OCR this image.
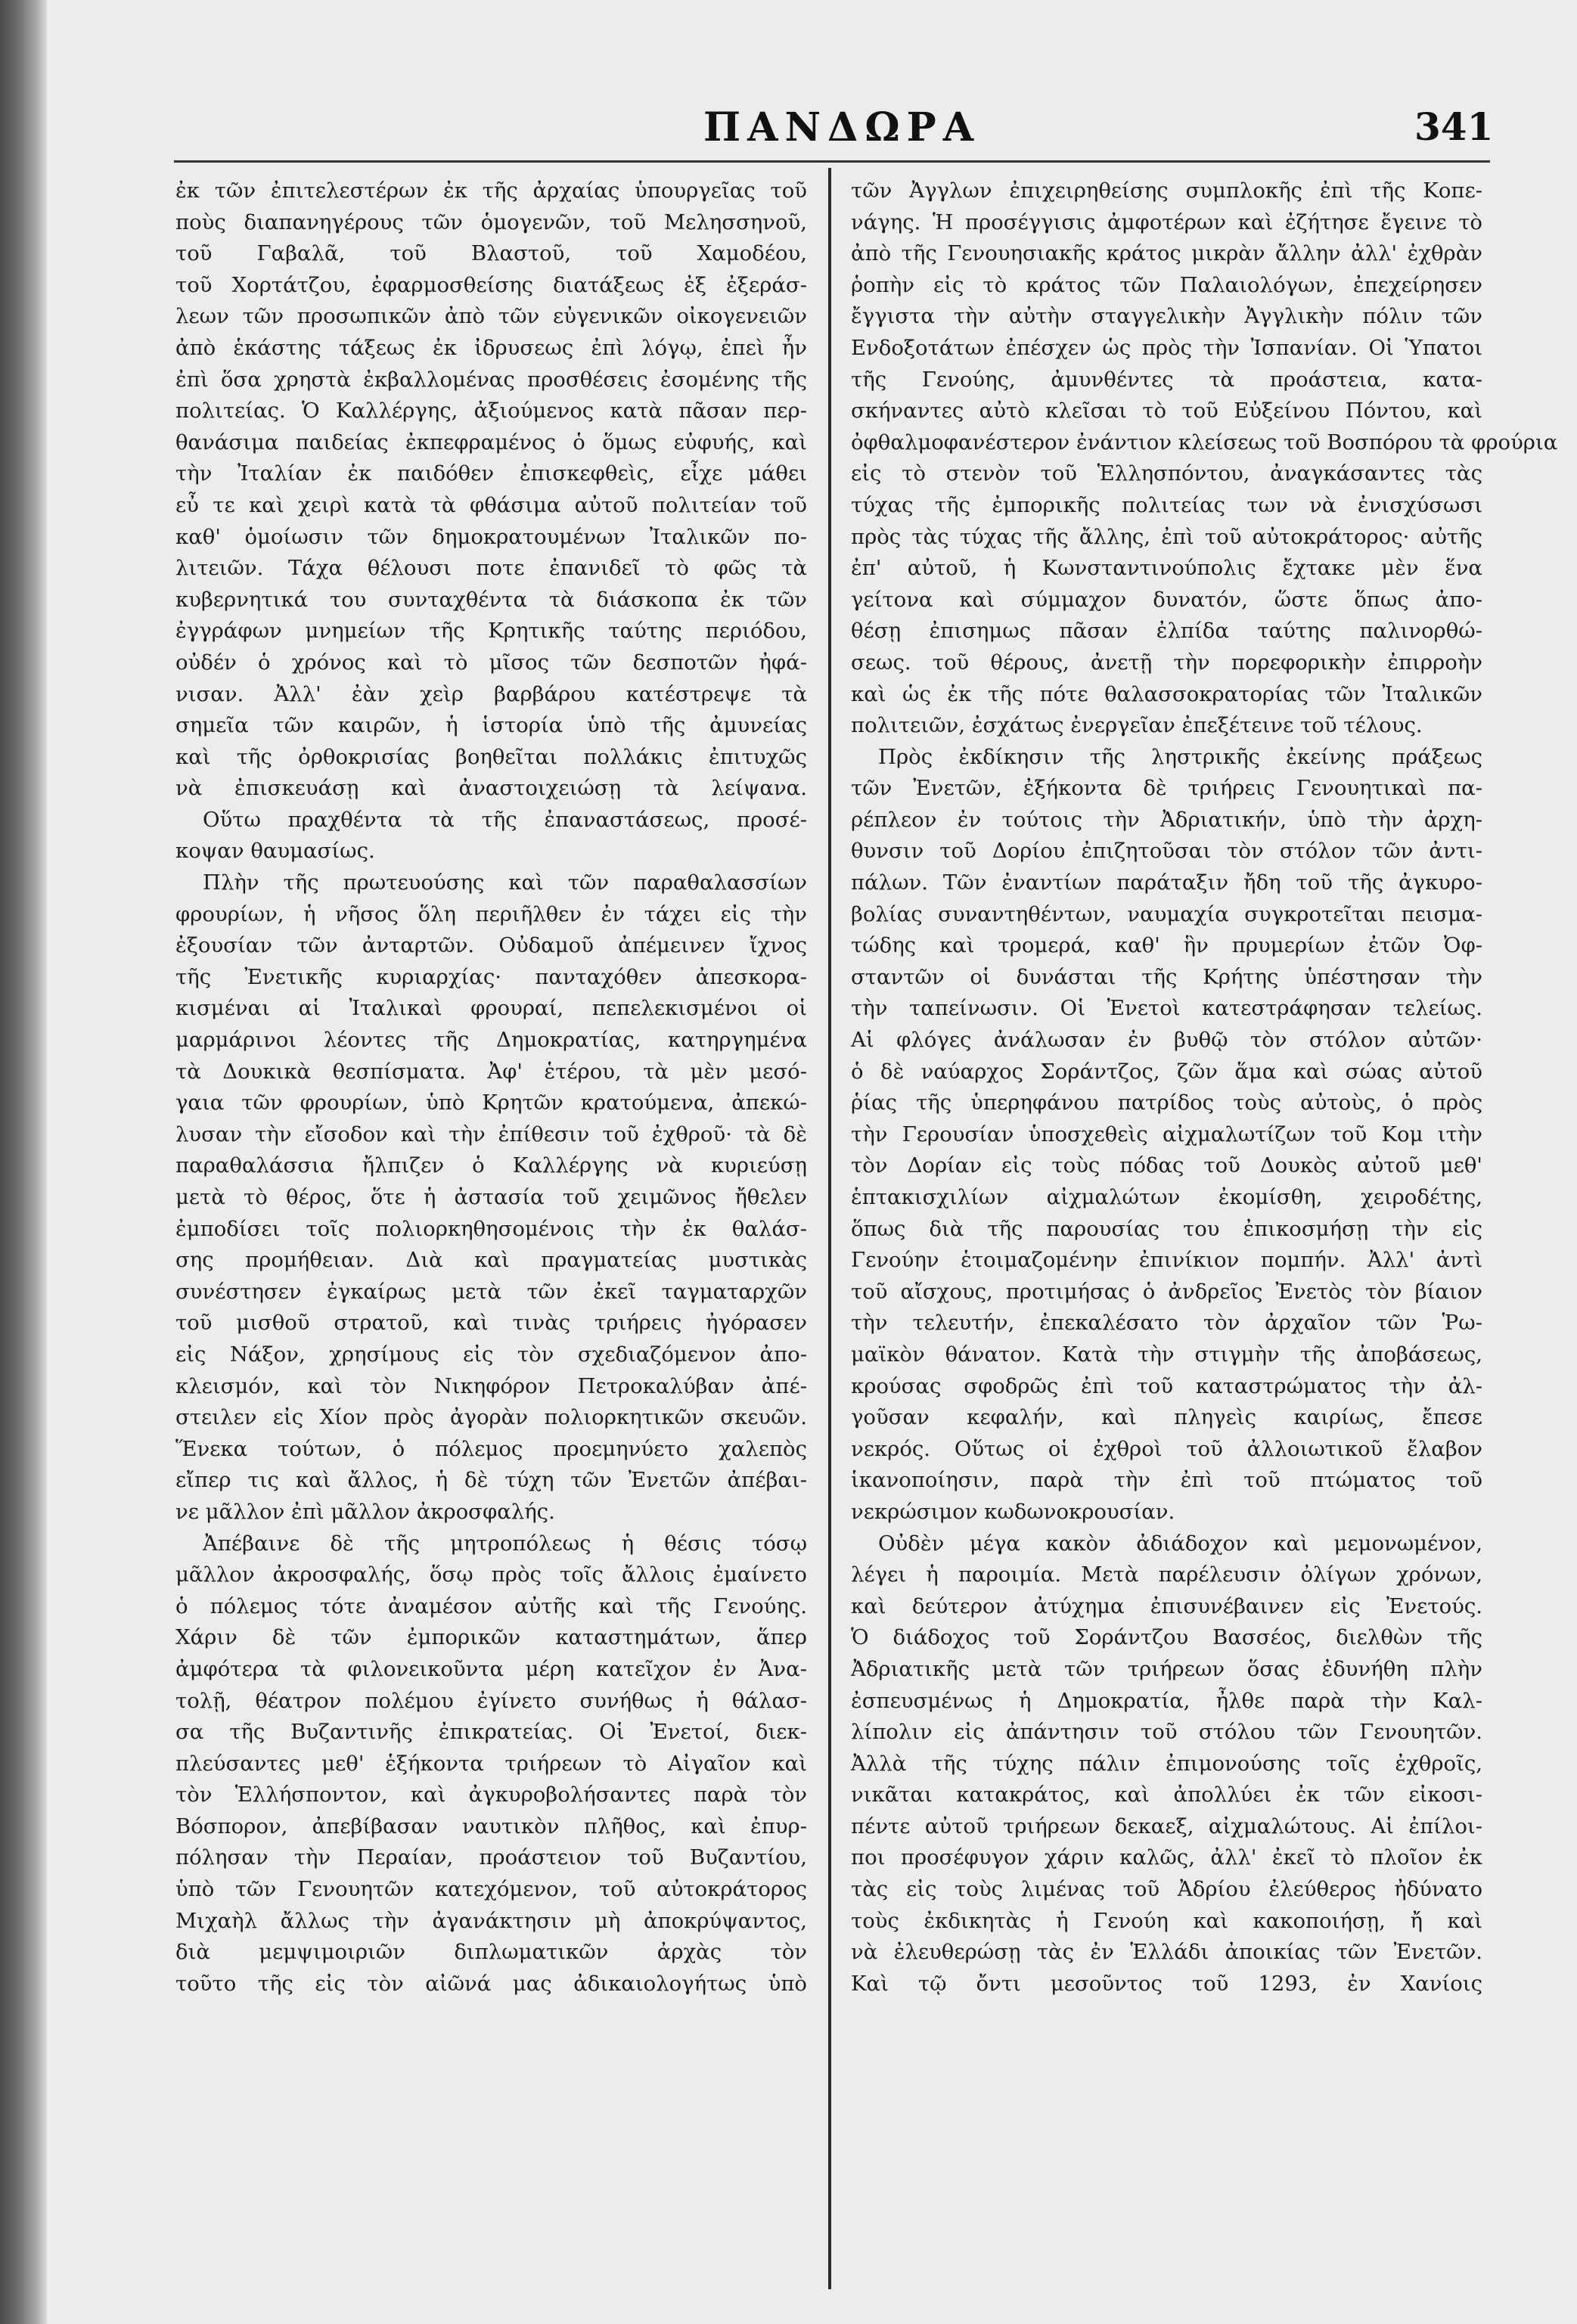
ΠΑΝΔΩΡΑ	341
ἐκ τῶν ἐπιτελεστέρων ἐκ τῆς ἀρχαίας ὑπουργεῖας τοῦ
ποὺς διαπανηγέρους τῶν ὁμογενῶν, τοῦ Μελησσηνοῦ,
τοῦ Γαβαλᾶ, τοῦ Βλαστοῦ, τοῦ Χαμοδέου,
τοῦ Χορτάτζου, ἐφαρμοσθείσης διατάξεως ἐξ ἐξεράσ-
λεων τῶν προσωπικῶν ἀπὸ τῶν εὐγενικῶν οἰκογενειῶν
ἀπὸ ἑκάστης τάξεως ἐκ ἰδρυσεως ἐπὶ λόγῳ, ἐπεὶ ἦν
ἐπὶ ὅσα χρηστὰ ἐκβαλλομένας προσθέσεις ἐσομένης τῆς
πολιτείας. Ὁ Καλλέργης, ἀξιούμενος κατὰ πᾶσαν περ-
θανάσιμα παιδείας ἐκπεφραμένος ὁ ὅμως εὐφυής, καὶ
τὴν Ἰταλίαν ἐκ παιδόθεν ἐπισκεφθεὶς, εἶχε μάθει
εὖ τε καὶ χειρὶ κατὰ τὰ φθάσιμα αὐτοῦ πολιτείαν τοῦ
καθ' ὁμοίωσιν τῶν δημοκρατουμένων Ἰταλικῶν πο-
λιτειῶν. Τάχα θέλουσι ποτε ἐπανιδεῖ τὸ φῶς τὰ
κυβερνητικά του συνταχθέντα τὰ διάσκοπα ἐκ τῶν
ἐγγράφων μνημείων τῆς Κρητικῆς ταύτης περιόδου,
οὐδέν ὁ χρόνος καὶ τὸ μῖσος τῶν δεσποτῶν ἠφά-
νισαν. Ἀλλ' ἐὰν χεὶρ βαρβάρου κατέστρεψε τὰ
σημεῖα τῶν καιρῶν, ἡ ἱστορία ὑπὸ τῆς ἀμυνείας
καὶ τῆς ὀρθοκρισίας βοηθεῖται πολλάκις ἐπιτυχῶς
νὰ ἐπισκευάσῃ καὶ ἀναστοιχειώσῃ τὰ λείψανα.
Οὕτω πραχθέντα τὰ τῆς ἐπαναστάσεως, προσέ-
κοψαν θαυμασίως.
Πλὴν τῆς πρωτευούσης καὶ τῶν παραθαλασσίων
φρουρίων, ἡ νῆσος ὅλη περιῆλθεν ἐν τάχει εἰς τὴν
ἐξουσίαν τῶν ἀνταρτῶν. Οὐδαμοῦ ἀπέμεινεν ἴχνος
τῆς Ἐνετικῆς κυριαρχίας· πανταχόθεν ἀπεσκορα-
κισμέναι αἱ Ἰταλικαὶ φρουραί, πεπελεκισμένοι οἱ
μαρμάρινοι λέοντες τῆς Δημοκρατίας, κατηργημένα
τὰ Δουκικὰ θεσπίσματα. Ἀφ' ἑτέρου, τὰ μὲν μεσό-
γαια τῶν φρουρίων, ὑπὸ Κρητῶν κρατούμενα, ἀπεκώ-
λυσαν τὴν εἴσοδον καὶ τὴν ἐπίθεσιν τοῦ ἐχθροῦ· τὰ δὲ
παραθαλάσσια ἤλπιζεν ὁ Καλλέργης νὰ κυριεύσῃ
μετὰ τὸ θέρος, ὅτε ἡ ἀστασία τοῦ χειμῶνος ἤθελεν
ἐμποδίσει τοῖς πολιορκηθησομένοις τὴν ἐκ θαλάσ-
σης προμήθειαν. Διὰ καὶ πραγματείας μυστικὰς
συνέστησεν ἐγκαίρως μετὰ τῶν ἐκεῖ ταγματαρχῶν
τοῦ μισθοῦ στρατοῦ, καὶ τινὰς τριήρεις ἠγόρασεν
εἰς Νάξον, χρησίμους εἰς τὸν σχεδιαζόμενον ἀπο-
κλεισμόν, καὶ τὸν Νικηφόρον Πετροκαλύβαν ἀπέ-
στειλεν εἰς Χίον πρὸς ἀγορὰν πολιορκητικῶν σκευῶν.
Ἕνεκα τούτων, ὁ πόλεμος προεμηνύετο χαλεπὸς
εἴπερ τις καὶ ἄλλος, ἡ δὲ τύχη τῶν Ἐνετῶν ἀπέβαι-
νε μᾶλλον ἐπὶ μᾶλλον ἀκροσφαλής.
Ἀπέβαινε δὲ τῆς μητροπόλεως ἡ θέσις τόσῳ
μᾶλλον ἀκροσφαλής, ὅσῳ πρὸς τοῖς ἄλλοις ἐμαίνετο
ὁ πόλεμος τότε ἀναμέσον αὐτῆς καὶ τῆς Γενούης.
Χάριν δὲ τῶν ἐμπορικῶν καταστημάτων, ἅπερ
ἀμφότερα τὰ φιλονεικοῦντα μέρη κατεῖχον ἐν Ἀνα-
τολῇ, θέατρον πολέμου ἐγίνετο συνήθως ἡ θάλασ-
σα τῆς Βυζαντινῆς ἐπικρατείας. Οἱ Ἐνετοί, διεκ-
πλεύσαντες μεθ' ἑξήκοντα τριήρεων τὸ Αἰγαῖον καὶ
τὸν Ἑλλήσποντον, καὶ ἀγκυροβολήσαντες παρὰ τὸν
Βόσπορον, ἀπεβίβασαν ναυτικὸν πλῆθος, καὶ ἐπυρ-
πόλησαν τὴν Περαίαν, προάστειον τοῦ Βυζαντίου,
ὑπὸ τῶν Γενουητῶν κατεχόμενον, τοῦ αὐτοκράτορος
Μιχαὴλ ἄλλως τὴν ἀγανάκτησιν μὴ ἀποκρύψαντος,
διὰ μεμψιμοιριῶν διπλωματικῶν ἀρχὰς τὸν
τοῦτο τῆς εἰς τὸν αἰῶνά μας ἀδικαιολογήτως ὑπὸ
τῶν Ἀγγλων ἐπιχειρηθείσης συμπλοκῆς ἐπὶ τῆς Κοπε-
νάγης. Ἡ προσέγγισις ἀμφοτέρων καὶ ἐζήτησε ἔγεινε τὸ
ἀπὸ τῆς Γενουησιακῆς κράτος μικρὰν ἄλλην ἀλλ' ἐχθρὰν
ῥοπὴν εἰς τὸ κράτος τῶν Παλαιολόγων, ἐπεχείρησεν
ἔγγιστα τὴν αὐτὴν σταγγελικὴν Ἀγγλικὴν πόλιν τῶν
Ενδοξοτάτων ἐπέσχεν ὡς πρὸς τὴν Ἰσπανίαν. Οἱ Ὑπατοι
τῆς Γενούης, ἀμυνθέντες τὰ προάστεια, κατα-
σκήναντες αὐτὸ κλεῖσαι τὸ τοῦ Εὐξείνου Πόντου, καὶ
ὀφθαλμοφανέστερον ἐνάντιον κλείσεως τοῦ Βοσπόρου τὰ φρούρια
εἰς τὸ στενὸν τοῦ Ἑλλησπόντου, ἀναγκάσαντες τὰς
τύχας τῆς ἐμπορικῆς πολιτείας των νὰ ἐνισχύσωσι
πρὸς τὰς τύχας τῆς ἄλλης, ἐπὶ τοῦ αὐτοκράτορος· αὐτῆς
ἐπ' αὐτοῦ, ἡ Κωνσταντινούπολις ἔχτακε μὲν ἕνα
γείτονα καὶ σύμμαχον δυνατόν, ὥστε ὅπως ἀπο-
θέσῃ ἐπισημως πᾶσαν ἐλπίδα ταύτης παλινορθώ-
σεως. τοῦ θέρους, ἀνετῇ τὴν πορεφορικὴν ἐπιρροὴν
καὶ ὡς ἐκ τῆς πότε θαλασσοκρατορίας τῶν Ἰταλικῶν
πολιτειῶν, ἐσχάτως ἐνεργεῖαν ἐπεξέτεινε τοῦ τέλους.
Πρὸς ἐκδίκησιν τῆς ληστρικῆς ἐκείνης πράξεως
τῶν Ἐνετῶν, ἐξήκοντα δὲ τριήρεις Γενουητικαὶ πα-
ρέπλεον ἐν τούτοις τὴν Ἀδριατικήν, ὑπὸ τὴν ἀρχη-
θυνσιν τοῦ Δορίου ἐπιζητοῦσαι τὸν στόλον τῶν ἀντι-
πάλων. Τῶν ἐναντίων παράταξιν ἤδη τοῦ τῆς ἀγκυρο-
βολίας συναντηθέντων, ναυμαχία συγκροτεῖται πεισμα-
τώδης καὶ τρομερά, καθ' ἣν πρυμερίων ἐτῶν Ὀφ-
σταντῶν οἱ δυνάσται τῆς Κρήτης ὑπέστησαν τὴν
τὴν ταπείνωσιν. Οἱ Ἐνετοὶ κατεστράφησαν τελείως.
Αἱ φλόγες ἀνάλωσαν ἐν βυθῷ τὸν στόλον αὐτῶν·
ὁ δὲ ναύαρχος Σοράντζος, ζῶν ἅμα καὶ σώας αὐτοῦ
ῥίας τῆς ὑπερηφάνου πατρίδος τοὺς αὐτοὺς, ὁ πρὸς
τὴν Γερουσίαν ὑποσχεθεὶς αἰχμαλωτίζων τοῦ Κομ ιτὴν
τὸν Δορίαν εἰς τοὺς πόδας τοῦ Δουκὸς αὐτοῦ μεθ'
ἑπτακισχιλίων αἰχμαλώτων ἐκομίσθη, χειροδέτης,
ὅπως διὰ τῆς παρουσίας του ἐπικοσμήσῃ τὴν εἰς
Γενούην ἑτοιμαζομένην ἐπινίκιον πομπήν. Ἀλλ' ἀντὶ
τοῦ αἴσχους, προτιμήσας ὁ ἀνδρεῖος Ἐνετὸς τὸν βίαιον
τὴν τελευτήν, ἐπεκαλέσατο τὸν ἀρχαῖον τῶν Ῥω-
μαϊκὸν θάνατον. Κατὰ τὴν στιγμὴν τῆς ἀποβάσεως,
κρούσας σφοδρῶς ἐπὶ τοῦ καταστρώματος τὴν ἀλ-
γοῦσαν κεφαλήν, καὶ πληγεὶς καιρίως, ἔπεσε
νεκρός. Οὕτως οἱ ἐχθροὶ τοῦ ἀλλοιωτικοῦ ἔλαβον
ἱκανοποίησιν, παρὰ τὴν ἐπὶ τοῦ πτώματος τοῦ
νεκρώσιμον κωδωνοκρουσίαν.
Οὐδὲν μέγα κακὸν ἀδιάδοχον καὶ μεμονωμένον,
λέγει ἡ παροιμία. Μετὰ παρέλευσιν ὀλίγων χρόνων,
καὶ δεύτερον ἀτύχημα ἐπισυνέβαινεν εἰς Ἐνετούς.
Ὁ διάδοχος τοῦ Σοράντζου Βασσέος, διελθὼν τῆς
Ἀδριατικῆς μετὰ τῶν τριήρεων ὅσας ἐδυνήθη πλὴν
ἐσπευσμένως ἡ Δημοκρατία, ἦλθε παρὰ τὴν Καλ-
λίπολιν εἰς ἀπάντησιν τοῦ στόλου τῶν Γενουητῶν.
Ἀλλὰ τῆς τύχης πάλιν ἐπιμονούσης τοῖς ἐχθροῖς,
νικᾶται κατακράτος, καὶ ἀπολλύει ἐκ τῶν εἰκοσι-
πέντε αὐτοῦ τριήρεων δεκαεξ, αἰχμαλώτους. Αἱ ἐπίλοι-
ποι προσέφυγον χάριν καλῶς, ἀλλ' ἐκεῖ τὸ πλοῖον ἐκ
τὰς εἰς τοὺς λιμένας τοῦ Ἀδρίου ἐλεύθερος ἠδύνατο
τοὺς ἐκδικητὰς ἡ Γενούη καὶ κακοποιήσῃ, ἤ καὶ
νὰ ἐλευθερώσῃ τὰς ἐν Ἑλλάδι ἀποικίας τῶν Ἐνετῶν.
Καὶ τῷ ὄντι μεσοῦντος τοῦ 1293, ἐν Χανίοις
